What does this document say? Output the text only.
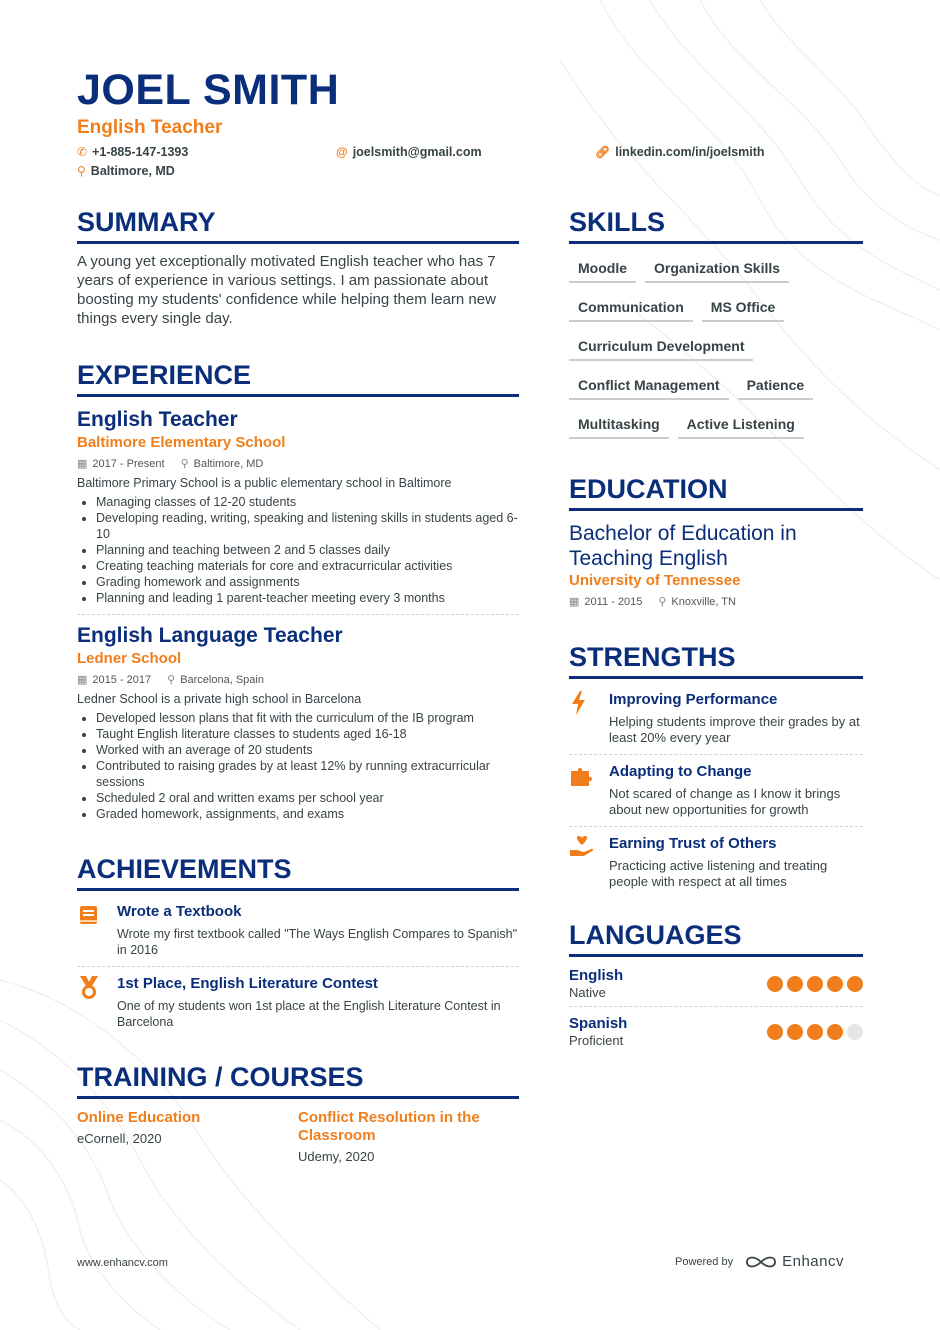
JOEL SMITH
English Teacher
✆ +1-885-147-1393	@ joelsmith@gmail.com	🔗︎ linkedin.com/in/joelsmith
⚲ Baltimore, MD
SUMMARY

A young yet exceptionally motivated English teacher who has 7 years of experience in various settings. I am passionate about boosting my students' confidence while helping them learn new things every single day.

EXPERIENCE
English Teacher
Baltimore Elementary School
▦ 2017 - Present ⚲ Baltimore, MD

Baltimore Primary School is a public elementary school in Baltimore

• Managing classes of 12-20 students
• Developing reading, writing, speaking and listening skills in students aged 6-10
• Planning and teaching between 2 and 5 classes daily
• Creating teaching materials for core and extracurricular activities
• Grading homework and assignments
• Planning and leading 1 parent-teacher meeting every 3 months
English Language Teacher
Ledner School
▦ 2015 - 2017 ⚲ Barcelona, Spain

Ledner School is a private high school in Barcelona

• Developed lesson plans that fit with the curriculum of the IB program
• Taught English literature classes to students aged 16-18
• Worked with an average of 20 students
• Contributed to raising grades by at least 12% by running extracurricular sessions
• Scheduled 2 oral and written exams per school year
• Graded homework, assignments, and exams
ACHIEVEMENTS
Wrote a Textbook

Wrote my first textbook called "The Ways English Compares to Spanish" in 2016

1st Place, English Literature Contest

One of my students won 1st place at the English Literature Contest in Barcelona

TRAINING / COURSES
Online Education
eCornell, 2020
Conflict Resolution in the Classroom
Udemy, 2020
SKILLS
Moodle	Organization Skills
Communication	MS Office
Curriculum Development
Conflict Management	Patience
Multitasking	Active Listening
EDUCATION
Bachelor of Education in Teaching English
University of Tennessee
▦ 2011 - 2015 ⚲ Knoxville, TN
STRENGTHS
Improving Performance

Helping students improve their grades by at least 20% every year

Adapting to Change

Not scared of change as I know it brings about new opportunities for growth

Earning Trust of Others

Practicing active listening and treating people with respect at all times

LANGUAGES
English
Native
Spanish
Proficient
www.enhancv.com	Powered by	Enhancv
